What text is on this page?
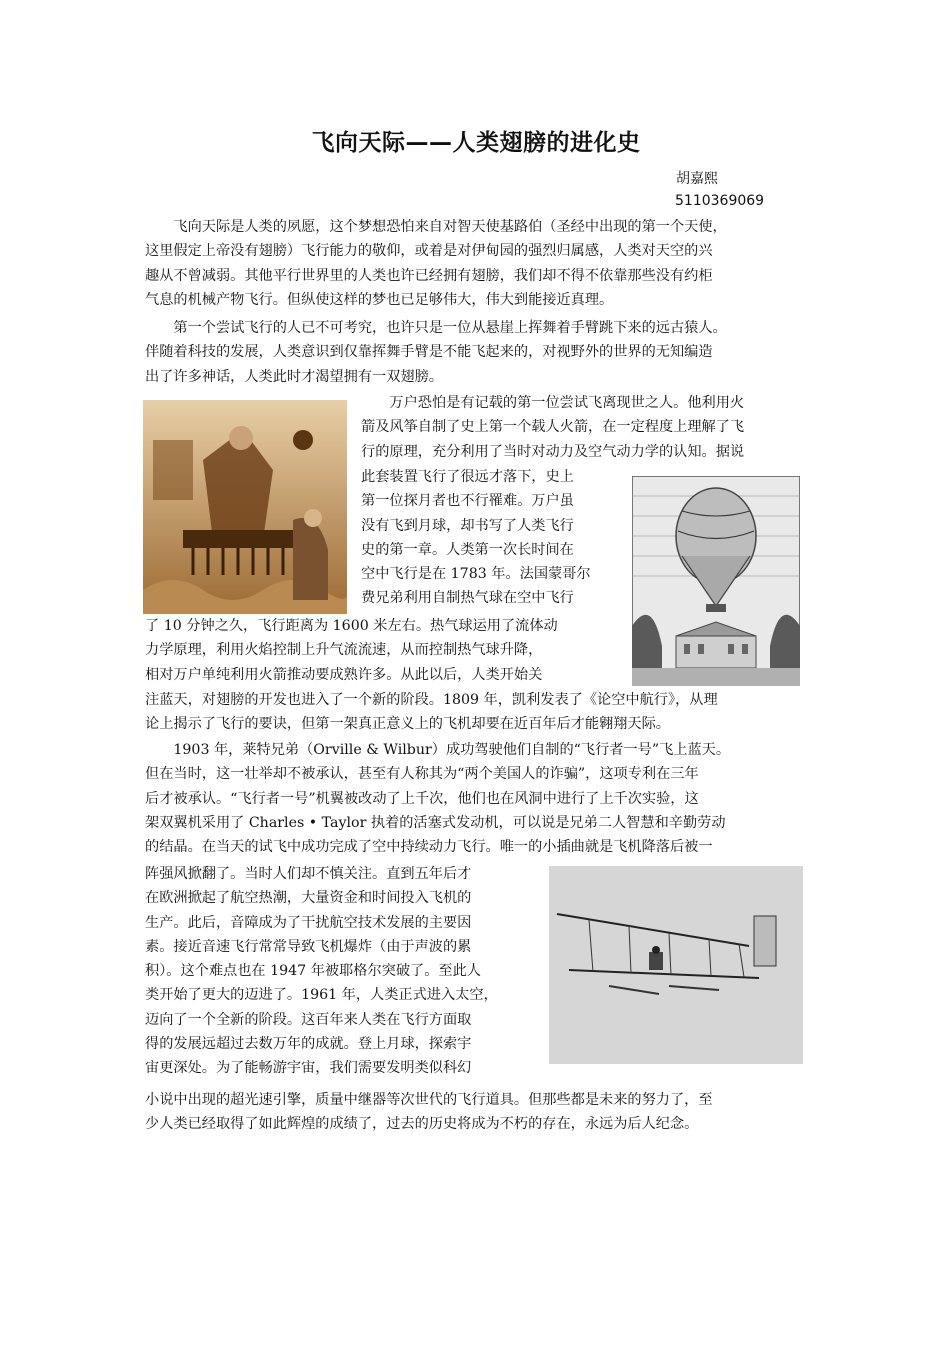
飞向天际——人类翅膀的进化史
胡嘉熙
5110369069
　　飞向天际是人类的夙愿，这个梦想恐怕来自对智天使基路伯（圣经中出现的第一个天使，
这里假定上帝没有翅膀）飞行能力的敬仰，或着是对伊甸园的强烈归属感，人类对天空的兴
趣从不曾减弱。其他平行世界里的人类也许已经拥有翅膀，我们却不得不依靠那些没有约柜
气息的机械产物飞行。但纵使这样的梦也已足够伟大，伟大到能接近真理。
　　第一个尝试飞行的人已不可考究，也许只是一位从悬崖上挥舞着手臂跳下来的远古猿人。
伴随着科技的发展，人类意识到仅靠挥舞手臂是不能飞起来的，对视野外的世界的无知编造
出了许多神话，人类此时才渴望拥有一双翅膀。
　　万户恐怕是有记载的第一位尝试飞离现世之人。他利用火
箭及风筝自制了史上第一个载人火箭，在一定程度上理解了飞
行的原理，充分利用了当时对动力及空气动力学的认知。据说
此套装置飞行了很远才落下，史上
第一位探月者也不行罹难。万户虽
没有飞到月球，却书写了人类飞行
史的第一章。人类第一次长时间在
空中飞行是在 1783 年。法国蒙哥尔
费兄弟利用自制热气球在空中飞行
了 10 分钟之久，飞行距离为 1600 米左右。热气球运用了流体动
力学原理，利用火焰控制上升气流流速，从而控制热气球升降，
相对万户单纯利用火箭推动要成熟许多。从此以后，人类开始关
注蓝天，对翅膀的开发也进入了一个新的阶段。1809 年，凯利发表了《论空中航行》，从理
论上揭示了飞行的要诀，但第一架真正意义上的飞机却要在近百年后才能翱翔天际。
　　1903 年，莱特兄弟（Orville & Wilbur）成功驾驶他们自制的“飞行者一号”飞上蓝天。
但在当时，这一壮举却不被承认，甚至有人称其为“两个美国人的诈骗”，这项专利在三年
后才被承认。“飞行者一号”机翼被改动了上千次，他们也在风洞中进行了上千次实验，这
架双翼机采用了 Charles • Taylor 执着的活塞式发动机，可以说是兄弟二人智慧和辛勤劳动
的结晶。在当天的试飞中成功完成了空中持续动力飞行。唯一的小插曲就是飞机降落后被一
阵强风掀翻了。当时人们却不慎关注。直到五年后才
在欧洲掀起了航空热潮，大量资金和时间投入飞机的
生产。此后，音障成为了干扰航空技术发展的主要因
素。接近音速飞行常常导致飞机爆炸（由于声波的累
积）。这个难点也在 1947 年被耶格尔突破了。至此人
类开始了更大的迈进了。1961 年，人类正式进入太空，
迈向了一个全新的阶段。这百年来人类在飞行方面取
得的发展远超过去数万年的成就。登上月球，探索宇
宙更深处。为了能畅游宇宙，我们需要发明类似科幻
小说中出现的超光速引擎，质量中继器等次世代的飞行道具。但那些都是未来的努力了，至
少人类已经取得了如此辉煌的成绩了，过去的历史将成为不朽的存在，永远为后人纪念。
